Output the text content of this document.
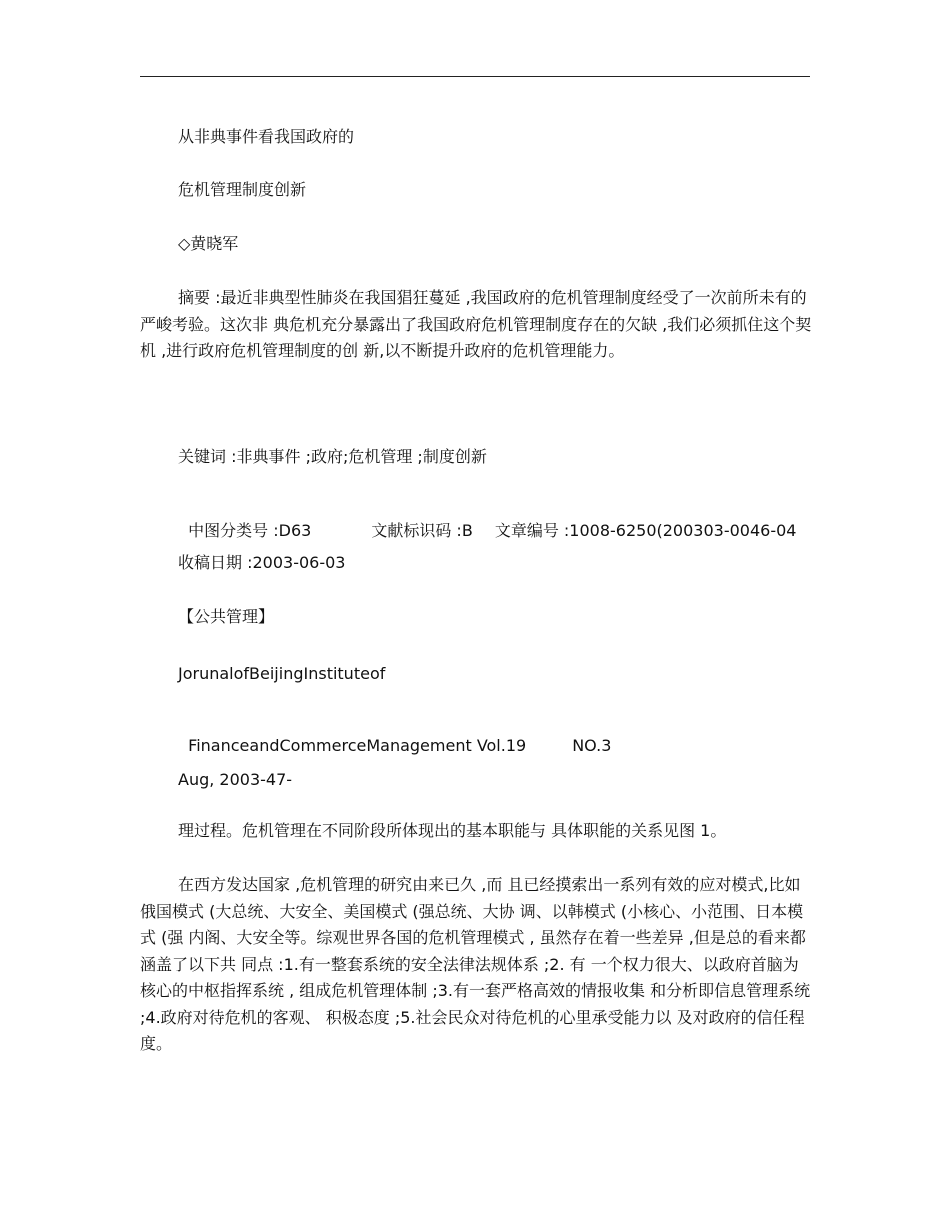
从非典事件看我国政府的
危机管理制度创新
◇黄晓军

摘要 :最近非典型性肺炎在我国猖狂蔓延 ,我国政府的危机管理制度经受了一次前所未有的严峻考验。这次非 典危机充分暴露出了我国政府危机管理制度存在的欠缺 ,我们必须抓住这个契机 ,进行政府危机管理制度的创 新,以不断提升政府的危机管理能力。

关键词 :非典事件 ;政府;危机管理 ;制度创新

中图分类号 :D63	文献标识码 :B 文章编号 :1008-6250(200303-0046-04

收稿日期 :2003-06-03
【公共管理】
JorunalofBeijingInstituteof

FinanceandCommerceManagement Vol.19	NO.3

Aug, 2003-47-

理过程。危机管理在不同阶段所体现出的基本职能与 具体职能的关系见图 1。

在西方发达国家 ,危机管理的研究由来已久 ,而 且已经摸索出一系列有效的应对模式,比如俄国模式 (大总统、大安全、美国模式 (强总统、大协 调、以韩模式 (小核心、小范围、日本模式 (强 内阁、大安全等。综观世界各国的危机管理模式 , 虽然存在着一些差异 ,但是总的看来都涵盖了以下共 同点 :1.有一整套系统的安全法律法规体系 ;2. 有 一个权力很大、以政府首脑为核心的中枢指挥系统 , 组成危机管理体制 ;3.有一套严格高效的情报收集 和分析即信息管理系统 ;4.政府对待危机的客观、 积极态度 ;5.社会民众对待危机的心里承受能力以 及对政府的信任程度。
